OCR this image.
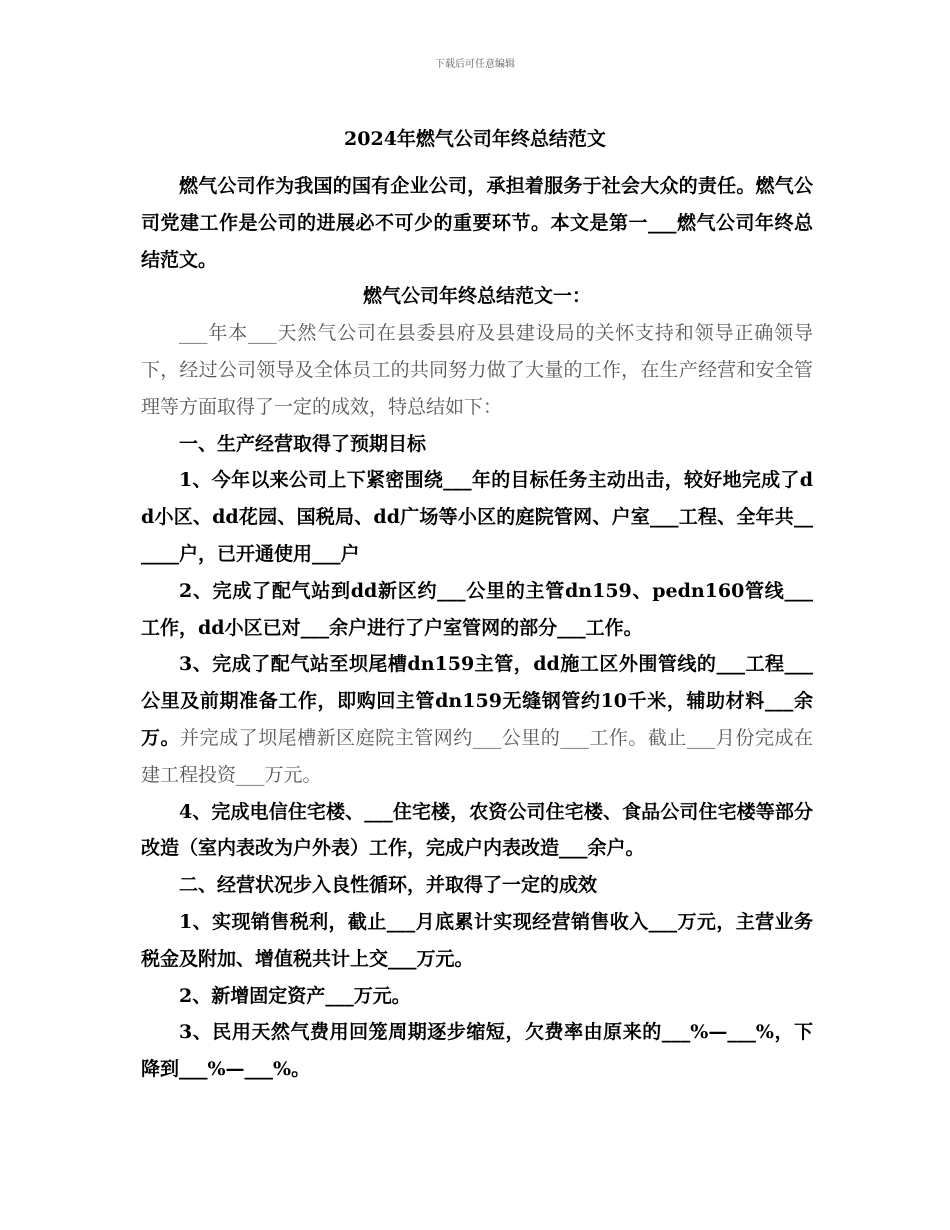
下载后可任意编辑
2024年燃气公司年终总结范文

燃气公司作为我国的国有企业公司，承担着服务于社会大众的责任。燃气公司党建工作是公司的进展必不可少的重要环节。本文是第一___燃气公司年终总结范文。

燃气公司年终总结范文一：

___年本___天然气公司在县委县府及县建设局的关怀支持和领导正确领导下，经过公司领导及全体员工的共同努力做了大量的工作，在生产经营和安全管理等方面取得了一定的成效，特总结如下：

一、生产经营取得了预期目标

1、今年以来公司上下紧密围绕___年的目标任务主动出击，较好地完成了dd小区、dd花园、国税局、dd广场等小区的庭院管网、户室___工程、全年共______户，已开通使用___户

2、完成了配气站到dd新区约___公里的主管dn159、pedn160管线___工作，dd小区已对___余户进行了户室管网的部分___工作。

3、完成了配气站至坝尾槽dn159主管，dd施工区外围管线的___工程___公里及前期准备工作，即购回主管dn159无缝钢管约10千米，辅助材料___余万。并完成了坝尾槽新区庭院主管网约___公里的___工作。截止___月份完成在建工程投资___万元。

4、完成电信住宅楼、___住宅楼，农资公司住宅楼、食品公司住宅楼等部分改造（室内表改为户外表）工作，完成户内表改造___余户。

二、经营状况步入良性循环，并取得了一定的成效

1、实现销售税利，截止___月底累计实现经营销售收入___万元，主营业务税金及附加、增值税共计上交___万元。

2、新增固定资产___万元。

3、民用天然气费用回笼周期逐步缩短，欠费率由原来的___%—___%，下降到___%—___%。
